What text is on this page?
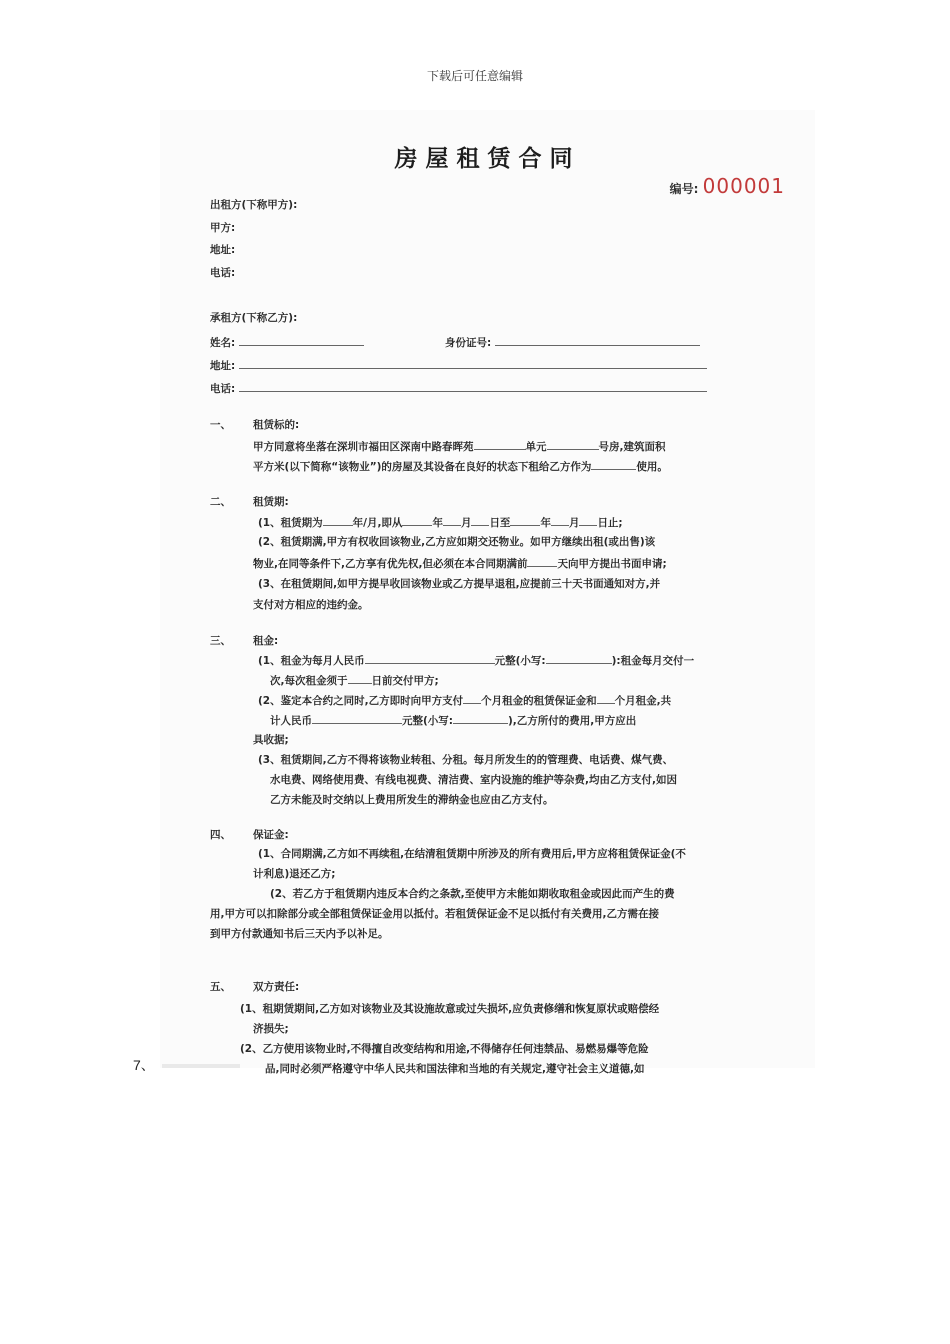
下载后可任意编辑
房屋租赁合同
编号: 000001
出租方(下称甲方):
甲方:
地址:
电话:
承租方(下称乙方):
姓名:	身份证号:
地址:
电话:
一、 租赁标的:
甲方同意将坐落在深圳市福田区深南中路春晖苑	单元	号房,建筑面积
平方米(以下简称“该物业”)的房屋及其设备在良好的状态下租给乙方作为	使用。
二、 租赁期:
(1、租赁期为	年/月,即从	年 月 日至	年 月 日止;
(2、租赁期满,甲方有权收回该物业,乙方应如期交还物业。如甲方继续出租(或出售)该
物业,在同等条件下,乙方享有优先权,但必须在本合同期满前	天向甲方提出书面申请;
(3、在租赁期间,如甲方提早收回该物业或乙方提早退租,应提前三十天书面通知对方,并
支付对方相应的违约金。
三、 租金:
(1、租金为每月人民币	元整(小写:	):租金每月交付一
次,每次租金须于 日前交付甲方;
(2、鉴定本合约之同时,乙方即时向甲方支付 个月租金的租赁保证金和 个月租金,共
计人民币	元整(小写:	),乙方所付的费用,甲方应出
具收据;
(3、租赁期间,乙方不得将该物业转租、分租。每月所发生的的管理费、电话费、煤气费、
水电费、网络使用费、有线电视费、清洁费、室内设施的维护等杂费,均由乙方支付,如因
乙方未能及时交纳以上费用所发生的滞纳金也应由乙方支付。
四、 保证金:
(1、合同期满,乙方如不再续租,在结清租赁期中所涉及的所有费用后,甲方应将租赁保证金(不
计利息)退还乙方;
(2、若乙方于租赁期内违反本合约之条款,至使甲方未能如期收取租金或因此而产生的费
用,甲方可以扣除部分或全部租赁保证金用以抵付。若租赁保证金不足以抵付有关费用,乙方需在接
到甲方付款通知书后三天内予以补足。
五、 双方责任:
(1、租期赁期间,乙方如对该物业及其设施故意或过失损坏,应负责修缮和恢复原状或赔偿经
济损失;
(2、乙方使用该物业时,不得擅自改变结构和用途,不得储存任何违禁品、易燃易爆等危险
品,同时必须严格遵守中华人民共和国法律和当地的有关规定,遵守社会主义道德,如
7、
